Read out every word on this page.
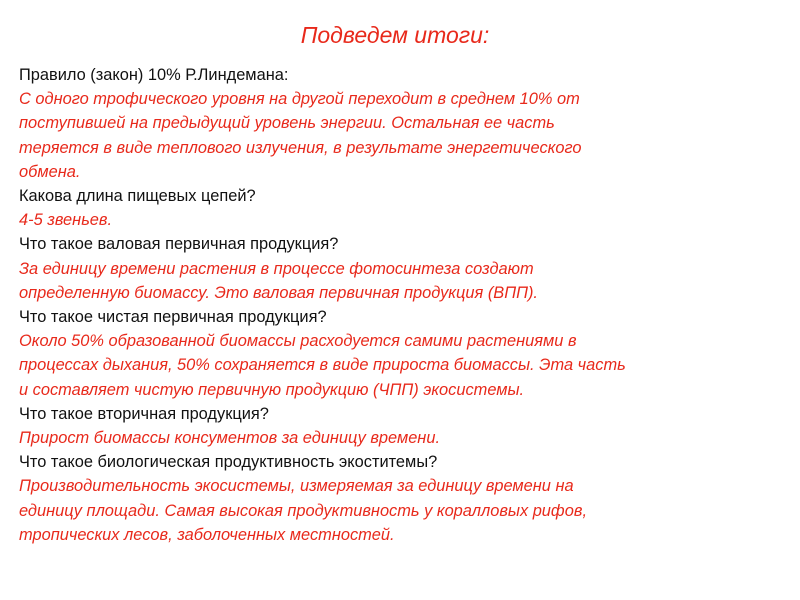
Подведем итоги:

Правило (закон) 10% Р.Линдемана:

С одного трофического уровня на другой переходит в среднем 10% от
поступившей на предыдущий уровень энергии. Остальная ее часть
теряется в виде теплового излучения, в результате энергетического
обмена.

Какова длина пищевых цепей?

4-5 звеньев.

Что такое валовая первичная продукция?

За единицу времени растения в процессе фотосинтеза создают
определенную биомассу. Это валовая первичная продукция (ВПП).

Что такое чистая первичная продукция?

Около 50% образованной биомассы расходуется самими растениями в
процессах дыхания, 50% сохраняется в виде прироста биомассы. Эта часть
и составляет чистую первичную продукцию (ЧПП) экосистемы.

Что такое вторичная продукция?

Прирост биомассы консументов за единицу времени.

Что такое биологическая продуктивность экоститемы?

Производительность экосистемы, измеряемая за единицу времени на
единицу площади. Самая высокая продуктивность у коралловых рифов,
тропических лесов, заболоченных местностей.
